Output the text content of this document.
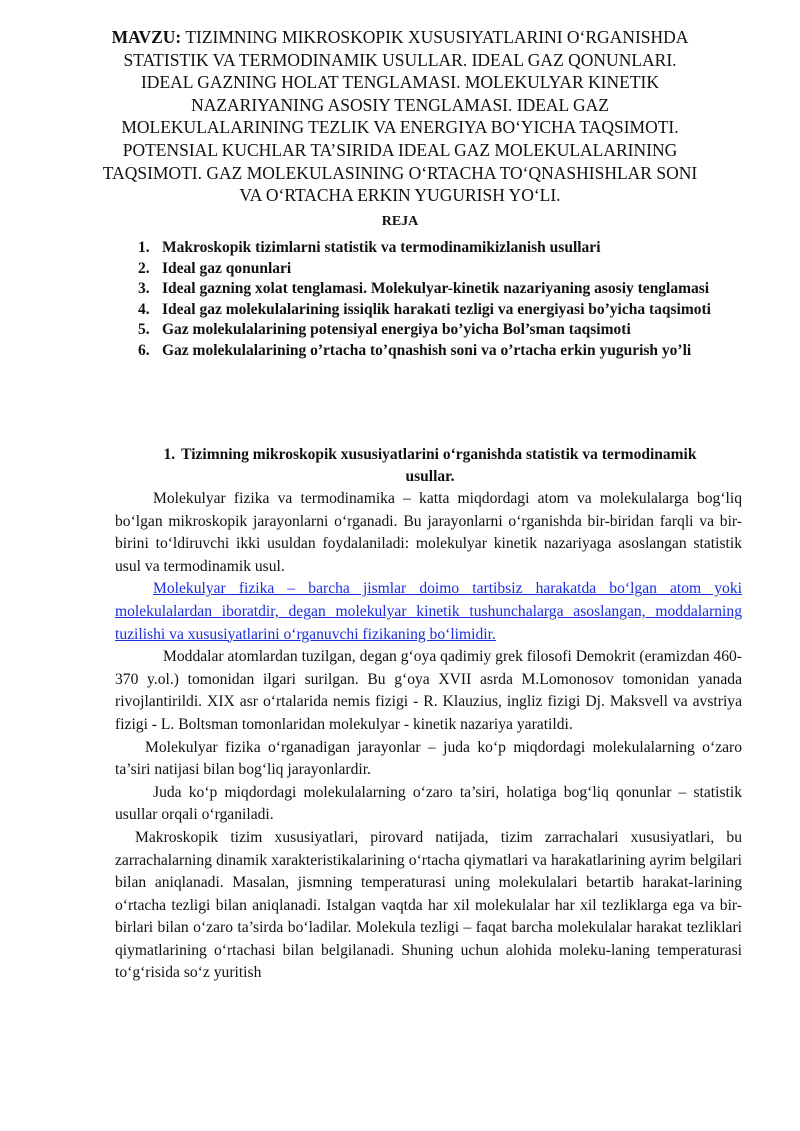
MAVZU: TIZIMNING MIKROSKOPIK XUSUSIYATLARINI O‘RGANISHDA STATISTIK VA TERMODINAMIK USULLAR. IDEAL GAZ QONUNLARI. IDEAL GAZNING HOLAT TENGLAMASI. MOLEKULYAR KINETIK NAZARIYANING ASOSIY TENGLAMASI. IDEAL GAZ MOLEKULALARINING TEZLIK VA ENERGIYA BO‘YICHA TAQSIMOTI. POTENSIAL KUCHLAR TA’SIRIDA IDEAL GAZ MOLEKULALARINING TAQSIMOTI. GAZ MOLEKULASINING O‘RTACHA TO‘QNASHISHLAR SONI VA O‘RTACHA ERKIN YUGURISH YO‘LI.
REJA
1. Makroskopik tizimlarni statistik va termodinamikizlanish usullari
2. Ideal gaz qonunlari
3. Ideal gazning xolat tenglamasi. Molekulyar-kinetik nazariyaning asosiy tenglamasi
4. Ideal gaz molekulalarining issiqlik harakati tezligi va energiyasi bo’yicha taqsimoti
5. Gaz molekulalarining potensiyal energiya bo’yicha Bol’sman taqsimoti
6. Gaz molekulalarining o’rtacha to’qnashish soni va o’rtacha erkin yugurish yo’li
1. Tizimning mikroskopik xususiyatlarini o‘rganishda statistik va termodinamik usullar.

Molekulyar fizika va termodinamika – katta miqdordagi atom va molekulalarga bog‘liq bo‘lgan mikroskopik jarayonlarni o‘rganadi. Bu jarayonlarni o‘rganishda bir-biridan farqli va bir-birini to‘ldiruvchi ikki usuldan foydalaniladi: molekulyar kinetik nazariyaga asoslangan statistik usul va termodinamik usul.

Molekulyar fizika – barcha jismlar doimo tartibsiz harakatda bo‘lgan atom yoki molekulalardan iboratdir, degan molekulyar kinetik tushunchalarga asoslangan, moddalarning tuzilishi va xususiyatlarini o‘rganuvchi fizikaning bo‘limidir.

Moddalar atomlardan tuzilgan, degan g‘oya qadimiy grek filosofi Demokrit (eramizdan 460-370 y.ol.) tomonidan ilgari surilgan. Bu g‘oya XVII asrda M.Lomonosov tomonidan yanada rivojlantirildi. XIX asr o‘rtalarida nemis fizigi - R. Klauzius, ingliz fizigi Dj. Maksvell va avstriya fizigi - L. Boltsman tomonlaridan molekulyar - kinetik nazariya yaratildi.

Molekulyar fizika o‘rganadigan jarayonlar – juda ko‘p miqdordagi molekulalarning o‘zaro ta’siri natijasi bilan bog‘liq jarayonlardir.

Juda ko‘p miqdordagi molekulalarning o‘zaro ta’siri, holatiga bog‘liq qonunlar – statistik usullar orqali o‘rganiladi.

Makroskopik tizim xususiyatlari, pirovard natijada, tizim zarrachalari xususiyatlari, bu zarrachalarning dinamik xarakteristikalarining o‘rtacha qiymatlari va harakatlarining ayrim belgilari bilan aniqlanadi. Masalan, jismning temperaturasi uning molekulalari betartib harakat-larining o‘rtacha tezligi bilan aniqlanadi. Istalgan vaqtda har xil molekulalar har xil tezliklarga ega va bir-birlari bilan o‘zaro ta’sirda bo‘ladilar. Molekula tezligi – faqat barcha molekulalar harakat tezliklari qiymatlarining o‘rtachasi bilan belgilanadi. Shuning uchun alohida moleku-laning temperaturasi to‘g‘risida so‘z yuritish
